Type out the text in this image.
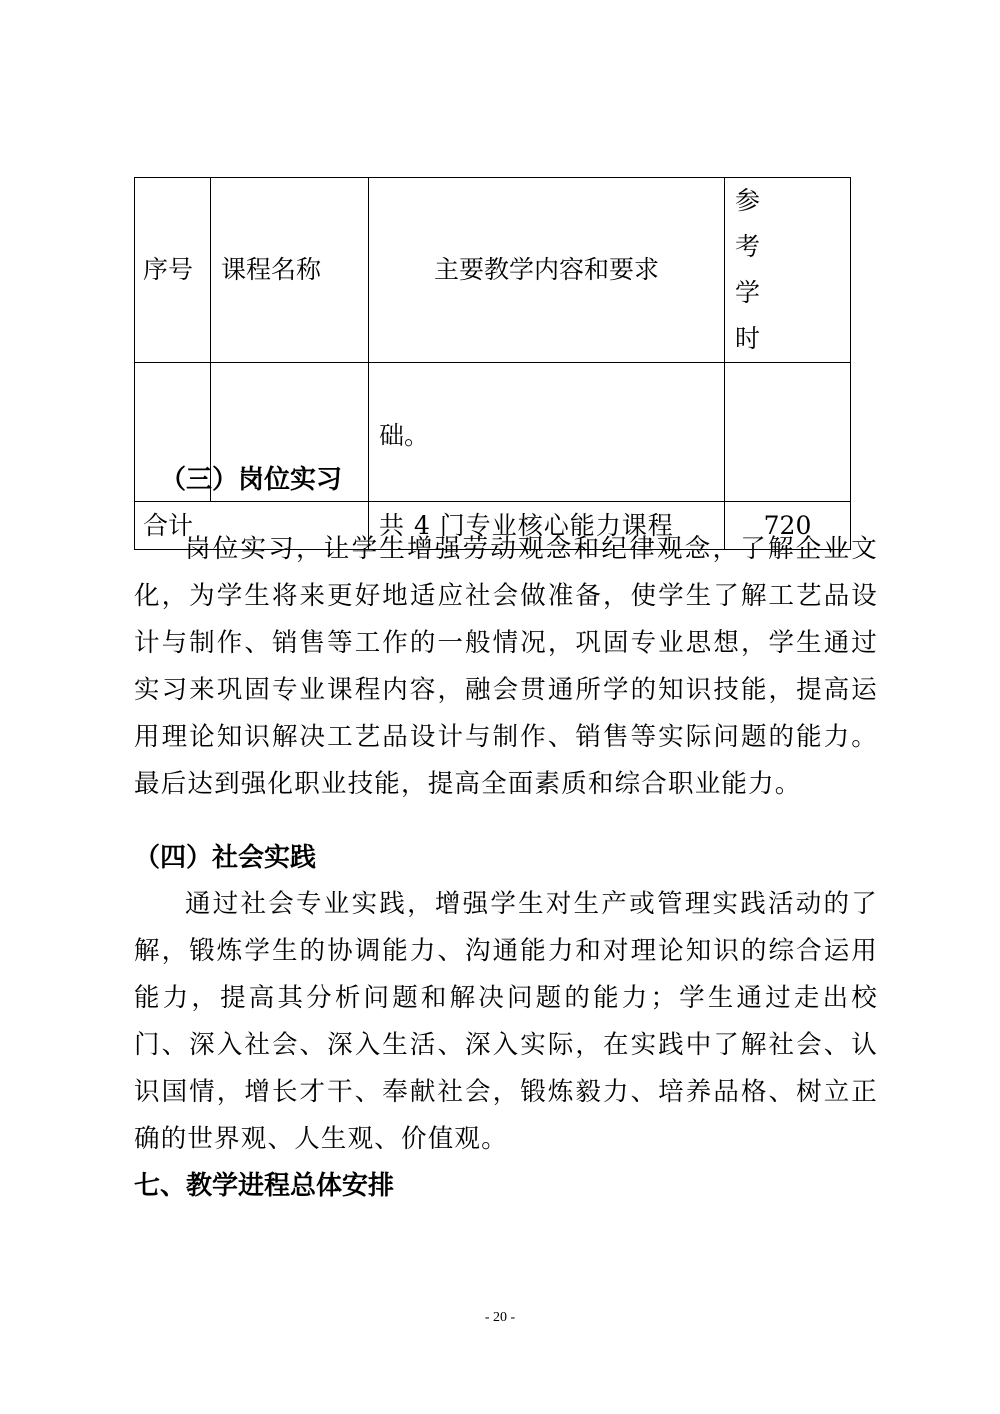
序号	课程名称	主要教学内容和要求	参 考 学
时

		础。	
合计		共 4 门专业核心能力课程	720
（三）岗位实习

岗位实习，让学生增强劳动观念和纪律观念，了解企业文化，为学生将来更好地适应社会做准备，使学生了解工艺品设计与制作、销售等工作的一般情况，巩固专业思想，学生通过实习来巩固专业课程内容，融会贯通所学的知识技能，提高运用理论知识解决工艺品设计与制作、销售等实际问题的能力。最后达到强化职业技能，提高全面素质和综合职业能力。

（四）社会实践

通过社会专业实践，增强学生对生产或管理实践活动的了解，锻炼学生的协调能力、沟通能力和对理论知识的综合运用能力，提高其分析问题和解决问题的能力；学生通过走出校门、深入社会、深入生活、深入实际，在实践中了解社会、认识国情，增长才干、奉献社会，锻炼毅力、培养品格、树立正确的世界观、人生观、价值观。

七、教学进程总体安排
- 20 -
